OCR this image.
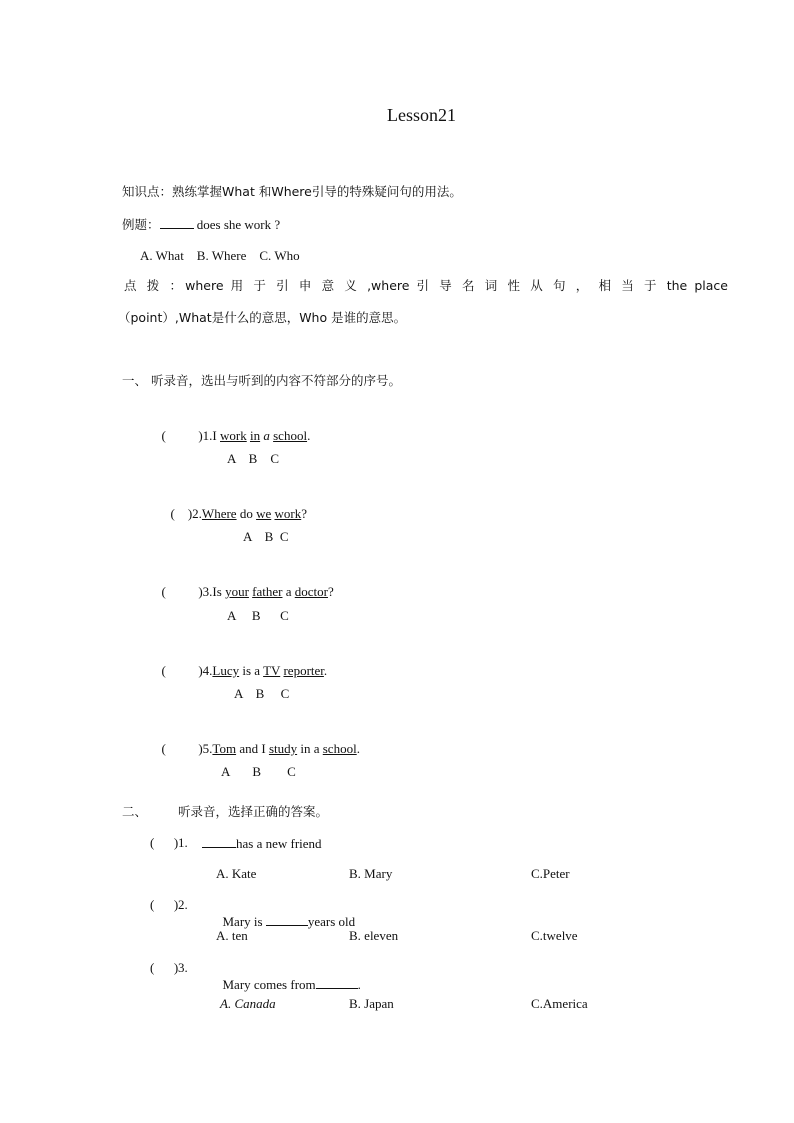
Lesson21
知识点：熟练掌握What 和Where引导的特殊疑问句的用法。
例题：	does she work ?
A. What    B. Where    C. Who
点 拨 ：where 用 于 引 申 意 义 ,where 引 导 名 词 性 从 句 ， 相 当 于 the place
（point）,What是什么的意思，Who 是谁的意思。
一、 听录音，选出与听到的内容不符部分的序号。

(          )1.I work in a school.

A    B    C

(    )2.Where do we work?

A    B  C

(          )3.Is your father a doctor?

A     B      C

(          )4.Lucy is a TV reporter.

A    B     C

(          )5.Tom and I study in a school.

A       B        C
二、 听录音，选择正确的答案。
(      ) 1.	has a new friend
A. Kate	B. Mary	C.Peter
(      ) 2.

Mary is	years old

A. ten	B. eleven	C.twelve
(      ) 3.

Mary comes from	.

A. Canada	B. Japan	C.America
